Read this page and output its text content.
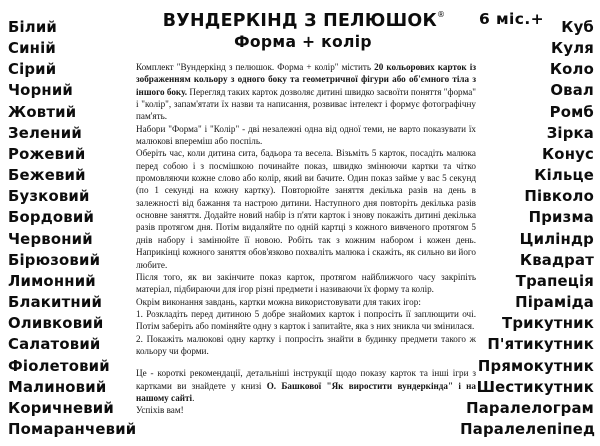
Білий
Синій
Сірий
Чорний
Жовтий
Зелений
Рожевий
Бежевий
Бузковий
Бордовий
Червоний
Бірюзовий
Лимонний
Блакитний
Оливковий
Салатовий
Фіолетовий
Малиновий
Коричневий
Помаранчевий
Куб
Куля
Коло
Овал
Ромб
Зірка
Конус
Кільце
Півколо
Призма
Циліндр
Квадрат
Трапеція
Піраміда
Трикутник
П'ятикутник
Прямокутник
Шестикутник
Паралелограм
Паралелепіпед
ВУНДЕРКІНД З ПЕЛЮШОК®
Форма + колір
6 міс.+

Комплект "Вундеркінд з пелюшок. Форма + колір" містить 20 кольорових карток із зображенням кольору з одного боку та геометричної фігури або об'ємного тіла з іншого боку. Перегляд таких карток дозволяє дитині швидко засвоїти поняття "форма" і "колір", запам'ятати їх назви та написання, розвиває інтелект і формує фотографічну пам'ять.

Набори "Форма" і "Колір" - дві незалежні одна від одної теми, не варто показувати їх малюкові впереміш або поспіль.

Оберіть час, коли дитина сита, бадьора та весела. Візьміть 5 карток, посадіть малюка перед собою і з посмішкою починайте показ, швидко змінюючи картки та чітко промовляючи кожне слово або колір, який ви бачите. Один показ займе у вас 5 секунд (по 1 секунді на кожну картку). Повторюйте заняття декілька разів на день в залежності від бажання та настрою дитини. Наступного дня повторіть декілька разів основне заняття. Додайте новий набір із п'яти карток і знову покажіть дитині декілька разів протягом дня. Потім видаляйте по одній картці з кожного вивченого протягом 5 днів набору і замінюйте її новою. Робіть так з кожним набором і кожен день. Наприкінці кожного заняття обов'язково похваліть малюка і скажіть, як сильно ви його любите.

Після того, як ви закінчите показ карток, протягом найближчого часу закріпіть матеріал, підбираючи для ігор різні предмети і називаючи їх форму та колір.

Окрім виконання завдань, картки можна використовувати для таких ігор:

1. Розкладіть перед дитиною 5 добре знайомих карток і попросіть її заплющити очі. Потім заберіть або поміняйте одну з карток і запитайте, яка з них зникла чи змінилася.

2. Покажіть малюкові одну картку і попросіть знайти в будинку предмети такого ж кольору чи форми.

Це - короткі рекомендації, детальніші інструкції щодо показу карток та інші ігри з картками ви знайдете у книзі О. Башкової "Як виростити вундеркінда" і на нашому сайті.

Успіхів вам!
